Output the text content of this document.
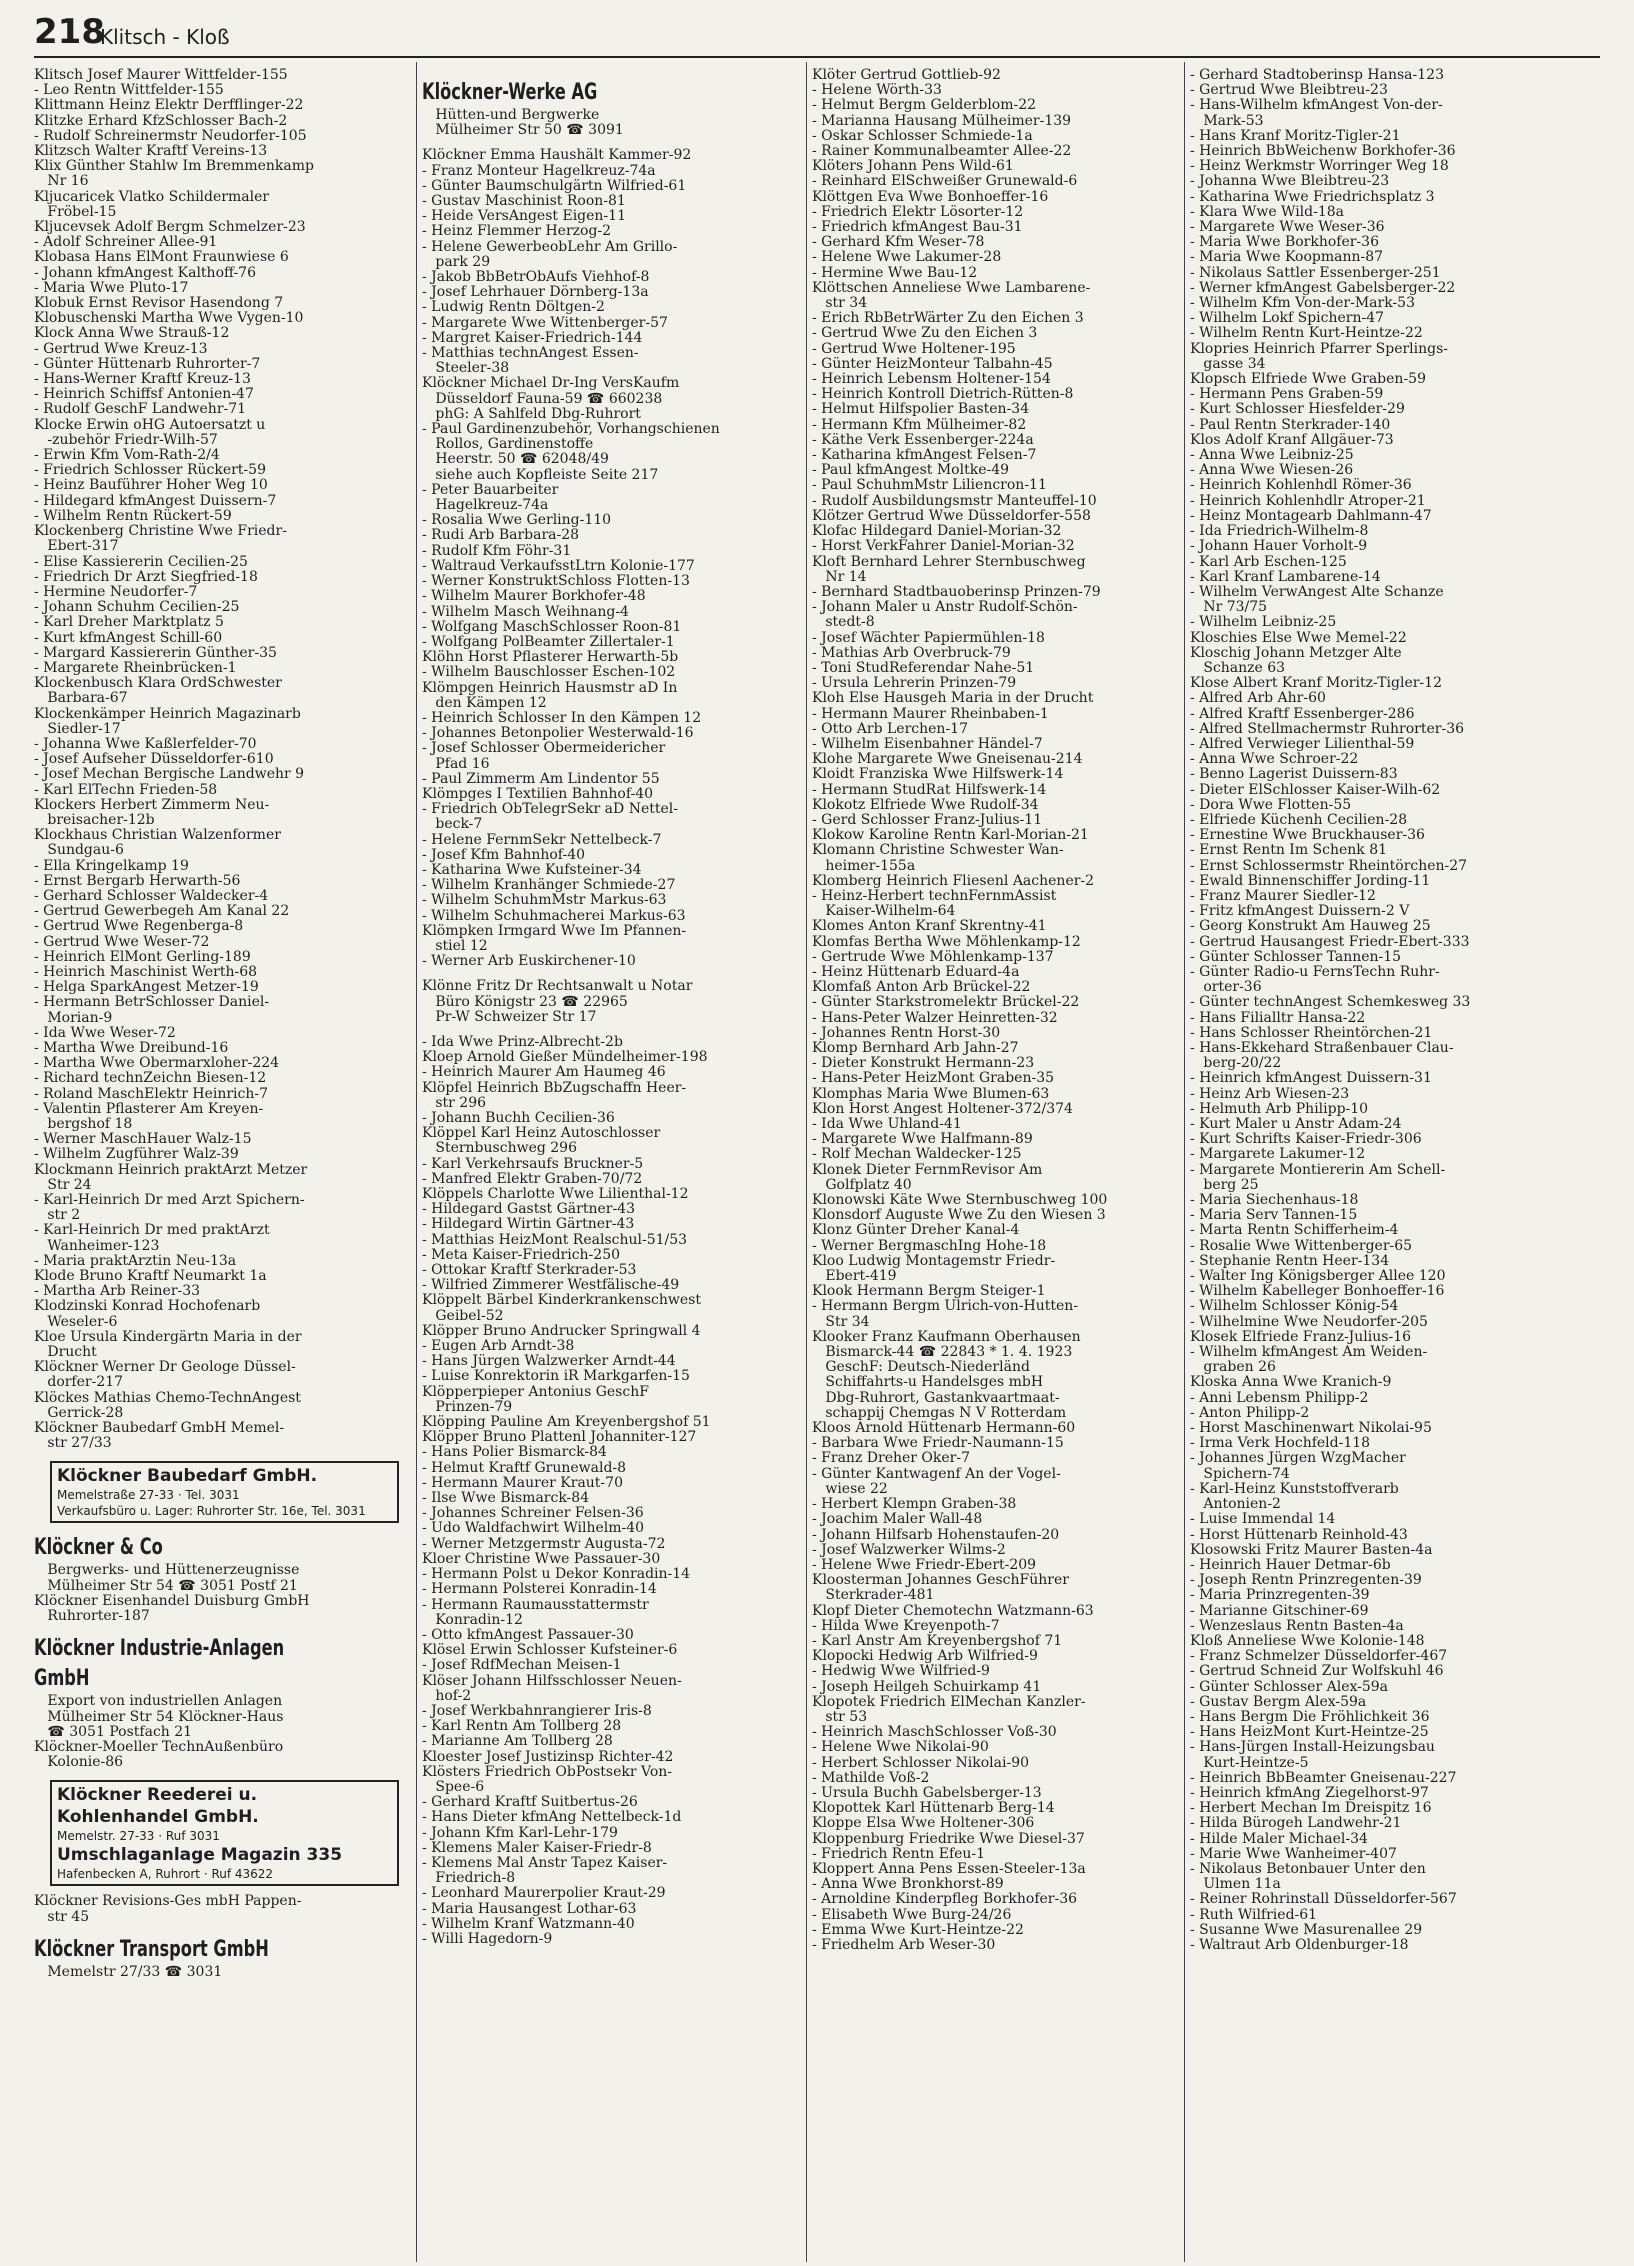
218
Klitsch - Kloß
Klitsch Josef Maurer Wittfelder-155
- Leo Rentn Wittfelder-155
Klittmann Heinz Elektr Derfflinger-22
Klitzke Erhard KfzSchlosser Bach-2
- Rudolf Schreinermstr Neudorfer-105
Klitzsch Walter Kraftf Vereins-13
Klix Günther Stahlw Im Bremmenkamp
Nr 16
Kljucaricek Vlatko Schildermaler
Fröbel-15
Kljucevsek Adolf Bergm Schmelzer-23
- Adolf Schreiner Allee-91
Klobasa Hans ElMont Fraunwiese 6
- Johann kfmAngest Kalthoff-76
- Maria Wwe Pluto-17
Klobuk Ernst Revisor Hasendong 7
Klobuschenski Martha Wwe Vygen-10
Klock Anna Wwe Strauß-12
- Gertrud Wwe Kreuz-13
- Günter Hüttenarb Ruhrorter-7
- Hans-Werner Kraftf Kreuz-13
- Heinrich Schiffsf Antonien-47
- Rudolf GeschF Landwehr-71
Klocke Erwin oHG Autoersatzt u
-zubehör Friedr-Wilh-57
- Erwin Kfm Vom-Rath-2/4
- Friedrich Schlosser Rückert-59
- Heinz Bauführer Hoher Weg 10
- Hildegard kfmAngest Duissern-7
- Wilhelm Rentn Rückert-59
Klockenberg Christine Wwe Friedr-
Ebert-317
- Elise Kassiererin Cecilien-25
- Friedrich Dr Arzt Siegfried-18
- Hermine Neudorfer-7
- Johann Schuhm Cecilien-25
- Karl Dreher Marktplatz 5
- Kurt kfmAngest Schill-60
- Margard Kassiererin Günther-35
- Margarete Rheinbrücken-1
Klockenbusch Klara OrdSchwester
Barbara-67
Klockenkämper Heinrich Magazinarb
Siedler-17
- Johanna Wwe Kaßlerfelder-70
- Josef Aufseher Düsseldorfer-610
- Josef Mechan Bergische Landwehr 9
- Karl ElTechn Frieden-58
Klockers Herbert Zimmerm Neu-
breisacher-12b
Klockhaus Christian Walzenformer
Sundgau-6
- Ella Kringelkamp 19
- Ernst Bergarb Herwarth-56
- Gerhard Schlosser Waldecker-4
- Gertrud Gewerbegeh Am Kanal 22
- Gertrud Wwe Regenberga-8
- Gertrud Wwe Weser-72
- Heinrich ElMont Gerling-189
- Heinrich Maschinist Werth-68
- Helga SparkAngest Metzer-19
- Hermann BetrSchlosser Daniel-
Morian-9
- Ida Wwe Weser-72
- Martha Wwe Dreibund-16
- Martha Wwe Obermarxloher-224
- Richard technZeichn Biesen-12
- Roland MaschElektr Heinrich-7
- Valentin Pflasterer Am Kreyen-
bergshof 18
- Werner MaschHauer Walz-15
- Wilhelm Zugführer Walz-39
Klockmann Heinrich praktArzt Metzer
Str 24
- Karl-Heinrich Dr med Arzt Spichern-
str 2
- Karl-Heinrich Dr med praktArzt
Wanheimer-123
- Maria praktÄrztin Neu-13a
Klode Bruno Kraftf Neumarkt 1a
- Martha Arb Reiner-33
Klodzinski Konrad Hochofenarb
Weseler-6
Kloe Ursula Kindergärtn Maria in der
Drucht
Klöckner Werner Dr Geologe Düssel-
dorfer-217
Klöckes Mathias Chemo-TechnAngest
Gerrick-28
Klöckner Baubedarf GmbH Memel-
str 27/33
Klöckner Baubedarf GmbH.
Memelstraße 27-33 · Tel. 3031
Verkaufsbüro u. Lager: Ruhrorter Str. 16e, Tel. 3031
Klöckner & Co
Bergwerks- und Hüttenerzeugnisse
Mülheimer Str 54 ☎ 3051 Postf 21
Klöckner Eisenhandel Duisburg GmbH
Ruhrorter-187
Klöckner Industrie-Anlagen GmbH
Export von industriellen Anlagen
Mülheimer Str 54 Klöckner-Haus
☎ 3051 Postfach 21
Klöckner-Moeller TechnAußenbüro
Kolonie-86
Klöckner Reederei u. Kohlenhandel GmbH.
Memelstr. 27-33 · Ruf 3031
Umschlaganlage Magazin 335
Hafenbecken A, Ruhrort · Ruf 43622
Klöckner Revisions-Ges mbH Pappen-
str 45
Klöckner Transport GmbH
Memelstr 27/33 ☎ 3031
Klöckner-Werke AG
Hütten-und Bergwerke
Mülheimer Str 50 ☎ 3091
Klöckner Emma Haushält Kammer-92
- Franz Monteur Hagelkreuz-74a
- Günter Baumschulgärtn Wilfried-61
- Gustav Maschinist Roon-81
- Heide VersAngest Eigen-11
- Heinz Flemmer Herzog-2
- Helene GewerbeobLehr Am Grillo-
park 29
- Jakob BbBetrObAufs Viehhof-8
- Josef Lehrhauer Dörnberg-13a
- Ludwig Rentn Döltgen-2
- Margarete Wwe Wittenberger-57
- Margret Kaiser-Friedrich-144
- Matthias technAngest Essen-
Steeler-38
Klöckner Michael Dr-Ing VersKaufm
Düsseldorf Fauna-59 ☎ 660238
phG: A Sahlfeld Dbg-Ruhrort
- Paul Gardinenzubehör, Vorhangschienen
Rollos, Gardinenstoffe
Heerstr. 50 ☎ 62048/49
siehe auch Kopfleiste Seite 217
- Peter Bauarbeiter
Hagelkreuz-74a
- Rosalia Wwe Gerling-110
- Rudi Arb Barbara-28
- Rudolf Kfm Föhr-31
- Waltraud VerkaufsstLtrn Kolonie-177
- Werner KonstruktSchloss Flotten-13
- Wilhelm Maurer Borkhofer-48
- Wilhelm Masch Weihnang-4
- Wolfgang MaschSchlosser Roon-81
- Wolfgang PolBeamter Zillertaler-1
Klöhn Horst Pflasterer Herwarth-5b
- Wilhelm Bauschlosser Eschen-102
Klömpgen Heinrich Hausmstr aD In
den Kämpen 12
- Heinrich Schlosser In den Kämpen 12
- Johannes Betonpolier Westerwald-16
- Josef Schlosser Obermeidericher
Pfad 16
- Paul Zimmerm Am Lindentor 55
Klömpges I Textilien Bahnhof-40
- Friedrich ObTelegrSekr aD Nettel-
beck-7
- Helene FernmSekr Nettelbeck-7
- Josef Kfm Bahnhof-40
- Katharina Wwe Kufsteiner-34
- Wilhelm Kranhänger Schmiede-27
- Wilhelm SchuhmMstr Markus-63
- Wilhelm Schuhmacherei Markus-63
Klömpken Irmgard Wwe Im Pfannen-
stiel 12
- Werner Arb Euskirchener-10
Klönne Fritz Dr Rechtsanwalt u Notar
Büro Königstr 23 ☎ 22965
Pr-W Schweizer Str 17
- Ida Wwe Prinz-Albrecht-2b
Kloep Arnold Gießer Mündelheimer-198
- Heinrich Maurer Am Haumeg 46
Klöpfel Heinrich BbZugschaffn Heer-
str 296
- Johann Buchh Cecilien-36
Klöppel Karl Heinz Autoschlosser
Sternbuschweg 296
- Karl Verkehrsaufs Bruckner-5
- Manfred Elektr Graben-70/72
Klöppels Charlotte Wwe Lilienthal-12
- Hildegard Gastst Gärtner-43
- Hildegard Wirtin Gärtner-43
- Matthias HeizMont Realschul-51/53
- Meta Kaiser-Friedrich-250
- Ottokar Kraftf Sterkrader-53
- Wilfried Zimmerer Westfälische-49
Klöppelt Bärbel Kinderkrankenschwest
Geibel-52
Klöpper Bruno Andrucker Springwall 4
- Eugen Arb Arndt-38
- Hans Jürgen Walzwerker Arndt-44
- Luise Konrektorin iR Markgarfen-15
Klöpperpieper Antonius GeschF
Prinzen-79
Klöpping Pauline Am Kreyenbergshof 51
Klöpper Bruno Plattenl Johanniter-127
- Hans Polier Bismarck-84
- Helmut Kraftf Grunewald-8
- Hermann Maurer Kraut-70
- Ilse Wwe Bismarck-84
- Johannes Schreiner Felsen-36
- Udo Waldfachwirt Wilhelm-40
- Werner Metzgermstr Augusta-72
Kloer Christine Wwe Passauer-30
- Hermann Polst u Dekor Konradin-14
- Hermann Polsterei Konradin-14
- Hermann Raumausstattermstr
Konradin-12
- Otto kfmAngest Passauer-30
Klösel Erwin Schlosser Kufsteiner-6
- Josef RdfMechan Meisen-1
Klöser Johann Hilfsschlosser Neuen-
hof-2
- Josef Werkbahnrangierer Iris-8
- Karl Rentn Am Tollberg 28
- Marianne Am Tollberg 28
Kloester Josef Justizinsp Richter-42
Klösters Friedrich ObPostsekr Von-
Spee-6
- Gerhard Kraftf Suitbertus-26
- Hans Dieter kfmAng Nettelbeck-1d
- Johann Kfm Karl-Lehr-179
- Klemens Maler Kaiser-Friedr-8
- Klemens Mal Anstr Tapez Kaiser-
Friedrich-8
- Leonhard Maurerpolier Kraut-29
- Maria Hausangest Lothar-63
- Wilhelm Kranf Watzmann-40
- Willi Hagedorn-9
Klöter Gertrud Gottlieb-92
- Helene Wörth-33
- Helmut Bergm Gelderblom-22
- Marianna Hausang Mülheimer-139
- Oskar Schlosser Schmiede-1a
- Rainer Kommunalbeamter Allee-22
Klöters Johann Pens Wild-61
- Reinhard ElSchweißer Grunewald-6
Klöttgen Eva Wwe Bonhoeffer-16
- Friedrich Elektr Lösorter-12
- Friedrich kfmAngest Bau-31
- Gerhard Kfm Weser-78
- Helene Wwe Lakumer-28
- Hermine Wwe Bau-12
Klöttschen Anneliese Wwe Lambarene-
str 34
- Erich RbBetrWärter Zu den Eichen 3
- Gertrud Wwe Zu den Eichen 3
- Gertrud Wwe Holtener-195
- Günter HeizMonteur Talbahn-45
- Heinrich Lebensm Holtener-154
- Heinrich Kontroll Dietrich-Rütten-8
- Helmut Hilfspolier Basten-34
- Hermann Kfm Mülheimer-82
- Käthe Verk Essenberger-224a
- Katharina kfmAngest Felsen-7
- Paul kfmAngest Moltke-49
- Paul SchuhmMstr Liliencron-11
- Rudolf Ausbildungsmstr Manteuffel-10
Klötzer Gertrud Wwe Düsseldorfer-558
Klofac Hildegard Daniel-Morian-32
- Horst VerkFahrer Daniel-Morian-32
Kloft Bernhard Lehrer Sternbuschweg
Nr 14
- Bernhard Stadtbauoberinsp Prinzen-79
- Johann Maler u Anstr Rudolf-Schön-
stedt-8
- Josef Wächter Papiermühlen-18
- Mathias Arb Overbruck-79
- Toni StudReferendar Nahe-51
- Ursula Lehrerin Prinzen-79
Kloh Else Hausgeh Maria in der Drucht
- Hermann Maurer Rheinbaben-1
- Otto Arb Lerchen-17
- Wilhelm Eisenbahner Händel-7
Klohe Margarete Wwe Gneisenau-214
Kloidt Franziska Wwe Hilfswerk-14
- Hermann StudRat Hilfswerk-14
Klokotz Elfriede Wwe Rudolf-34
- Gerd Schlosser Franz-Julius-11
Klokow Karoline Rentn Karl-Morian-21
Klomann Christine Schwester Wan-
heimer-155a
Klomberg Heinrich Fliesenl Aachener-2
- Heinz-Herbert technFernmAssist
Kaiser-Wilhelm-64
Klomes Anton Kranf Skrentny-41
Klomfas Bertha Wwe Möhlenkamp-12
- Gertrude Wwe Möhlenkamp-137
- Heinz Hüttenarb Eduard-4a
Klomfaß Anton Arb Brückel-22
- Günter Starkstromelektr Brückel-22
- Hans-Peter Walzer Heinretten-32
- Johannes Rentn Horst-30
Klomp Bernhard Arb Jahn-27
- Dieter Konstrukt Hermann-23
- Hans-Peter HeizMont Graben-35
Klomphas Maria Wwe Blumen-63
Klon Horst Angest Holtener-372/374
- Ida Wwe Uhland-41
- Margarete Wwe Halfmann-89
- Rolf Mechan Waldecker-125
Klonek Dieter FernmRevisor Am
Golfplatz 40
Klonowski Käte Wwe Sternbuschweg 100
Klonsdorf Auguste Wwe Zu den Wiesen 3
Klonz Günter Dreher Kanal-4
- Werner BergmaschIng Hohe-18
Kloo Ludwig Montagemstr Friedr-
Ebert-419
Klook Hermann Bergm Steiger-1
- Hermann Bergm Ulrich-von-Hutten-
Str 34
Klooker Franz Kaufmann Oberhausen
Bismarck-44 ☎ 22843 * 1. 4. 1923
GeschF: Deutsch-Niederländ
Schiffahrts-u Handelsges mbH
Dbg-Ruhrort, Gastankvaartmaat-
schappij Chemgas N V Rotterdam
Kloos Arnold Hüttenarb Hermann-60
- Barbara Wwe Friedr-Naumann-15
- Franz Dreher Oker-7
- Günter Kantwagenf An der Vogel-
wiese 22
- Herbert Klempn Graben-38
- Joachim Maler Wall-48
- Johann Hilfsarb Hohenstaufen-20
- Josef Walzwerker Wilms-2
- Helene Wwe Friedr-Ebert-209
Kloosterman Johannes GeschFührer
Sterkrader-481
Klopf Dieter Chemotechn Watzmann-63
- Hilda Wwe Kreyenpoth-7
- Karl Anstr Am Kreyenbergshof 71
Klopocki Hedwig Arb Wilfried-9
- Hedwig Wwe Wilfried-9
- Joseph Heilgeh Schuirkamp 41
Klopotek Friedrich ElMechan Kanzler-
str 53
- Heinrich MaschSchlosser Voß-30
- Helene Wwe Nikolai-90
- Herbert Schlosser Nikolai-90
- Mathilde Voß-2
- Ursula Buchh Gabelsberger-13
Klopottek Karl Hüttenarb Berg-14
Kloppe Elsa Wwe Holtener-306
Kloppenburg Friedrike Wwe Diesel-37
- Friedrich Rentn Efeu-1
Kloppert Anna Pens Essen-Steeler-13a
- Anna Wwe Bronkhorst-89
- Arnoldine Kinderpfleg Borkhofer-36
- Elisabeth Wwe Burg-24/26
- Emma Wwe Kurt-Heintze-22
- Friedhelm Arb Weser-30
- Gerhard Stadtoberinsp Hansa-123
- Gertrud Wwe Bleibtreu-23
- Hans-Wilhelm kfmAngest Von-der-
Mark-53
- Hans Kranf Moritz-Tigler-21
- Heinrich BbWeichenw Borkhofer-36
- Heinz Werkmstr Worringer Weg 18
- Johanna Wwe Bleibtreu-23
- Katharina Wwe Friedrichsplatz 3
- Klara Wwe Wild-18a
- Margarete Wwe Weser-36
- Maria Wwe Borkhofer-36
- Maria Wwe Koopmann-87
- Nikolaus Sattler Essenberger-251
- Werner kfmAngest Gabelsberger-22
- Wilhelm Kfm Von-der-Mark-53
- Wilhelm Lokf Spichern-47
- Wilhelm Rentn Kurt-Heintze-22
Klopries Heinrich Pfarrer Sperlings-
gasse 34
Klopsch Elfriede Wwe Graben-59
- Hermann Pens Graben-59
- Kurt Schlosser Hiesfelder-29
- Paul Rentn Sterkrader-140
Klos Adolf Kranf Allgäuer-73
- Anna Wwe Leibniz-25
- Anna Wwe Wiesen-26
- Heinrich Kohlenhdl Römer-36
- Heinrich Kohlenhdlr Atroper-21
- Heinz Montagearb Dahlmann-47
- Ida Friedrich-Wilhelm-8
- Johann Hauer Vorholt-9
- Karl Arb Eschen-125
- Karl Kranf Lambarene-14
- Wilhelm VerwAngest Alte Schanze
Nr 73/75
- Wilhelm Leibniz-25
Kloschies Else Wwe Memel-22
Kloschig Johann Metzger Alte
Schanze 63
Klose Albert Kranf Moritz-Tigler-12
- Alfred Arb Ahr-60
- Alfred Kraftf Essenberger-286
- Alfred Stellmachermstr Ruhrorter-36
- Alfred Verwieger Lilienthal-59
- Anna Wwe Schroer-22
- Benno Lagerist Duissern-83
- Dieter ElSchlosser Kaiser-Wilh-62
- Dora Wwe Flotten-55
- Elfriede Küchenh Cecilien-28
- Ernestine Wwe Bruckhauser-36
- Ernst Rentn Im Schenk 81
- Ernst Schlossermstr Rheintörchen-27
- Ewald Binnenschiffer Jording-11
- Franz Maurer Siedler-12
- Fritz kfmAngest Duissern-2 V
- Georg Konstrukt Am Hauweg 25
- Gertrud Hausangest Friedr-Ebert-333
- Günter Schlosser Tannen-15
- Günter Radio-u FernsTechn Ruhr-
orter-36
- Günter technAngest Schemkesweg 33
- Hans Filialltr Hansa-22
- Hans Schlosser Rheintörchen-21
- Hans-Ekkehard Straßenbauer Clau-
berg-20/22
- Heinrich kfmAngest Duissern-31
- Heinz Arb Wiesen-23
- Helmuth Arb Philipp-10
- Kurt Maler u Anstr Adam-24
- Kurt Schrifts Kaiser-Friedr-306
- Margarete Lakumer-12
- Margarete Montiererin Am Schell-
berg 25
- Maria Siechenhaus-18
- Maria Serv Tannen-15
- Marta Rentn Schifferheim-4
- Rosalie Wwe Wittenberger-65
- Stephanie Rentn Heer-134
- Walter Ing Königsberger Allee 120
- Wilhelm Kabelleger Bonhoeffer-16
- Wilhelm Schlosser König-54
- Wilhelmine Wwe Neudorfer-205
Klosek Elfriede Franz-Julius-16
- Wilhelm kfmAngest Am Weiden-
graben 26
Kloska Anna Wwe Kranich-9
- Anni Lebensm Philipp-2
- Anton Philipp-2
- Horst Maschinenwart Nikolai-95
- Irma Verk Hochfeld-118
- Johannes Jürgen WzgMacher
Spichern-74
- Karl-Heinz Kunststoffverarb
Antonien-2
- Luise Immendal 14
- Horst Hüttenarb Reinhold-43
Klosowski Fritz Maurer Basten-4a
- Heinrich Hauer Detmar-6b
- Joseph Rentn Prinzregenten-39
- Maria Prinzregenten-39
- Marianne Gitschiner-69
- Wenzeslaus Rentn Basten-4a
Kloß Anneliese Wwe Kolonie-148
- Franz Schmelzer Düsseldorfer-467
- Gertrud Schneid Zur Wolfskuhl 46
- Günter Schlosser Alex-59a
- Gustav Bergm Alex-59a
- Hans Bergm Die Fröhlichkeit 36
- Hans HeizMont Kurt-Heintze-25
- Hans-Jürgen Install-Heizungsbau
Kurt-Heintze-5
- Heinrich BbBeamter Gneisenau-227
- Heinrich kfmAng Ziegelhorst-97
- Herbert Mechan Im Dreispitz 16
- Hilda Bürogeh Landwehr-21
- Hilde Maler Michael-34
- Marie Wwe Wanheimer-407
- Nikolaus Betonbauer Unter den
Ulmen 11a
- Reiner Rohrinstall Düsseldorfer-567
- Ruth Wilfried-61
- Susanne Wwe Masurenallee 29
- Waltraut Arb Oldenburger-18
